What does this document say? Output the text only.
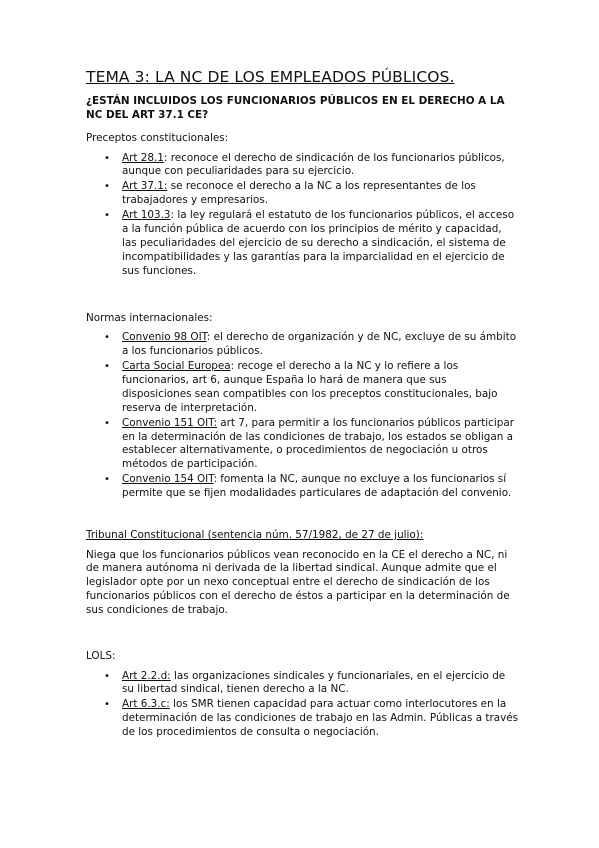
TEMA 3: LA NC DE LOS EMPLEADOS PÚBLICOS.
¿ESTÁN INCLUIDOS LOS FUNCIONARIOS PÚBLICOS EN EL DERECHO A LA NC DEL ART 37.1 CE?
Preceptos constitucionales:
• Art 28.1: reconoce el derecho de sindicación de los funcionarios públicos, aunque con peculiaridades para su ejercicio.
• Art 37.1: se reconoce el derecho a la NC a los representantes de los trabajadores y empresarios.
• Art 103.3: la ley regulará el estatuto de los funcionarios públicos, el acceso a la función pública de acuerdo con los principios de mérito y capacidad, las peculiaridades del ejercicio de su derecho a sindicación, el sistema de incompatibilidades y las garantías para la imparcialidad en el ejercicio de sus funciones.
Normas internacionales:
• Convenio 98 OIT: el derecho de organización y de NC, excluye de su ámbito a los funcionarios públicos.
• Carta Social Europea: recoge el derecho a la NC y lo refiere a los funcionarios, art 6, aunque España lo hará de manera que sus disposiciones sean compatibles con los preceptos constitucionales, bajo reserva de interpretación.
• Convenio 151 OIT: art 7, para permitir a los funcionarios públicos participar en la determinación de las condiciones de trabajo, los estados se obligan a establecer alternativamente, o procedimientos de negociación u otros métodos de participación.
• Convenio 154 OIT: fomenta la NC, aunque no excluye a los funcionarios sí permite que se fijen modalidades particulares de adaptación del convenio.
Tribunal Constitucional (sentencia núm. 57/1982, de 27 de julio):

Niega que los funcionarios públicos vean reconocido en la CE el derecho a NC, ni de manera autónoma ni derivada de la libertad sindical. Aunque admite que el legislador opte por un nexo conceptual entre el derecho de sindicación de los funcionarios públicos con el derecho de éstos a participar en la determinación de sus condiciones de trabajo.

LOLS:
• Art 2.2.d: las organizaciones sindicales y funcionariales, en el ejercicio de su libertad sindical, tienen derecho a la NC.
• Art 6.3.c: los SMR tienen capacidad para actuar como interlocutores en la determinación de las condiciones de trabajo en las Admin. Públicas a través de los procedimientos de consulta o negociación.
